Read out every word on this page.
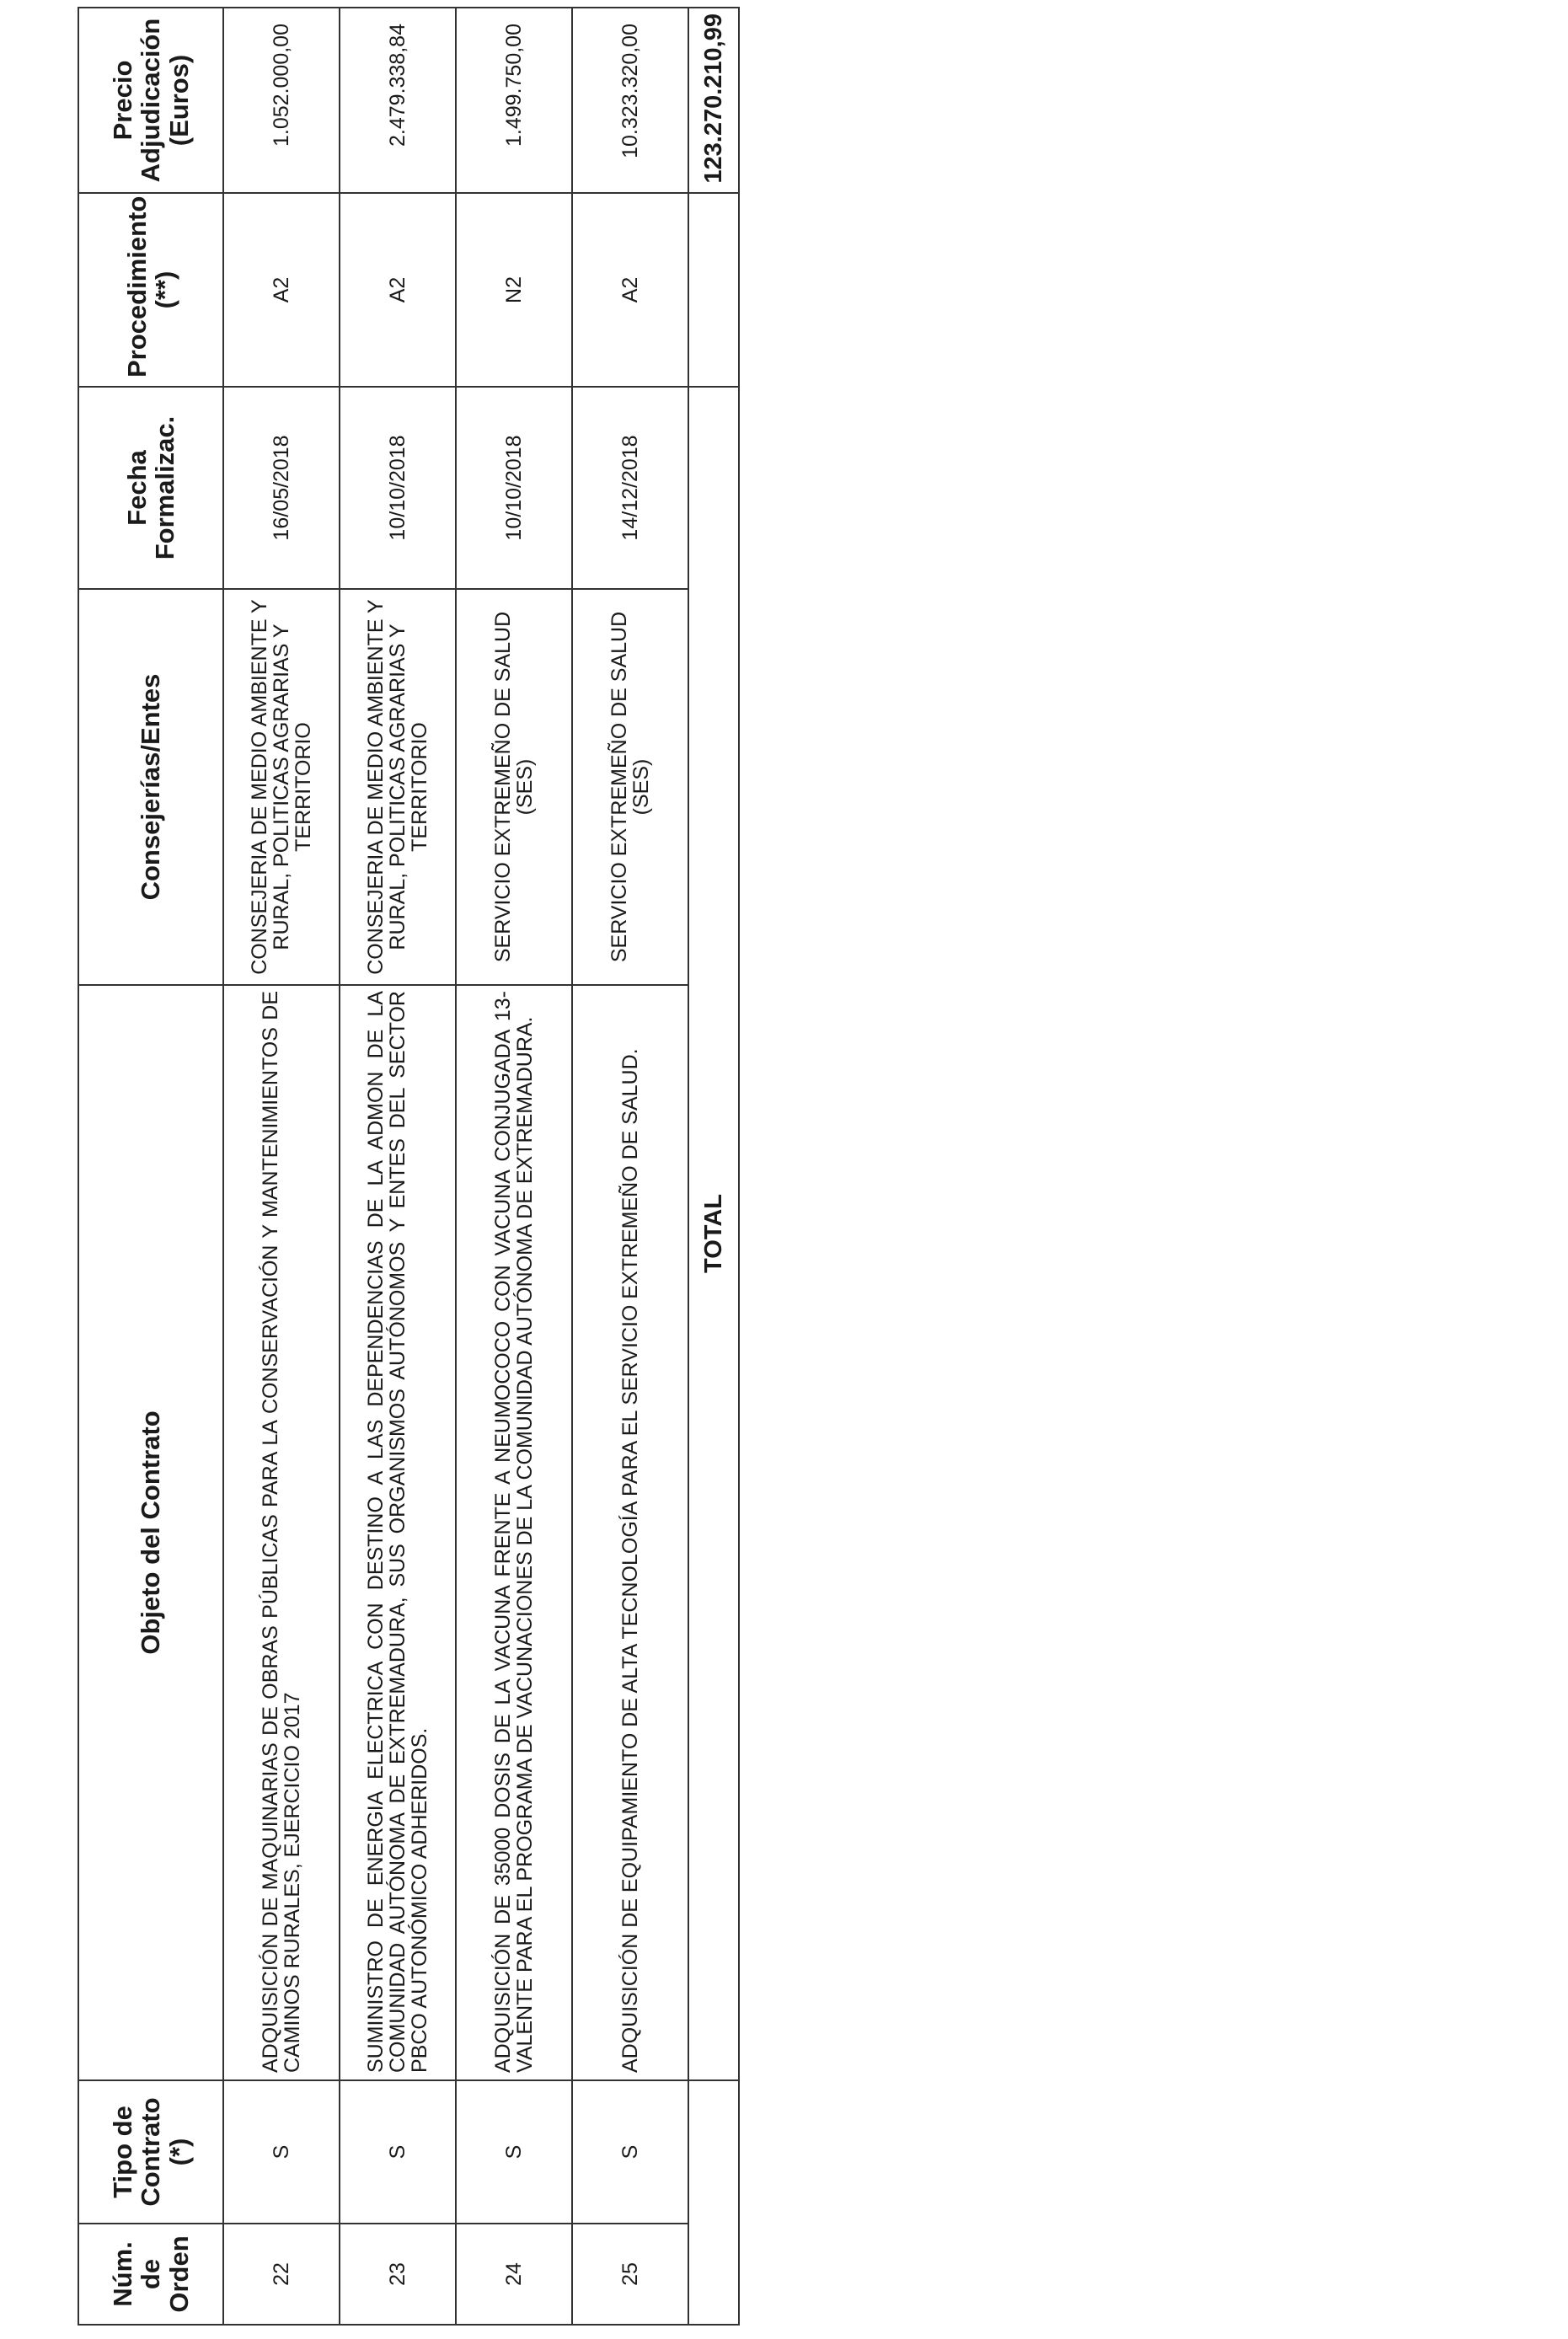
Núm. de Orden	Tipo de Contrato (*)	Objeto del Contrato	Consejerías/Entes	Fecha Formalizac.	Procedimiento (**)	Precio Adjudicación (Euros)
22	S	ADQUISICIÓN DE MAQUINARIAS DE OBRAS PÚBLICAS PARA LA CONSERVACIÓN Y MANTENIMIENTOS DE CAMINOS RURALES, EJERCICIO 2017	CONSEJERIA DE MEDIO AMBIENTE Y RURAL, POLITICAS AGRARIAS Y TERRITORIO	16/05/2018	A2	1.052.000,00
23	S	SUMINISTRO DE ENERGIA ELECTRICA CON DESTINO A LAS DEPENDENCIAS DE LA ADMON DE LA COMUNIDAD AUTÓNOMA DE EXTREMADURA, SUS ORGANISMOS AUTÓNOMOS Y ENTES DEL SECTOR PBCO AUTONÓMICO ADHERIDOS.	CONSEJERIA DE MEDIO AMBIENTE Y RURAL, POLITICAS AGRARIAS Y TERRITORIO	10/10/2018	A2	2.479.338,84
24	S	ADQUISICIÓN DE 35000 DOSIS DE LA VACUNA FRENTE A NEUMOCOCO CON VACUNA CONJUGADA 13-VALENTE PARA EL PROGRAMA DE VACUNACIONES DE LA COMUNIDAD AUTÓNOMA DE EXTREMADURA.	SERVICIO EXTREMEÑO DE SALUD (SES)	10/10/2018	N2	1.499.750,00
25	S	ADQUISICIÓN DE EQUIPAMIENTO DE ALTA TECNOLOGÍA PARA EL SERVICIO EXTREMEÑO DE SALUD.	SERVICIO EXTREMEÑO DE SALUD (SES)	14/12/2018	A2	10.323.320,00
		TOTAL				123.270.210,99
